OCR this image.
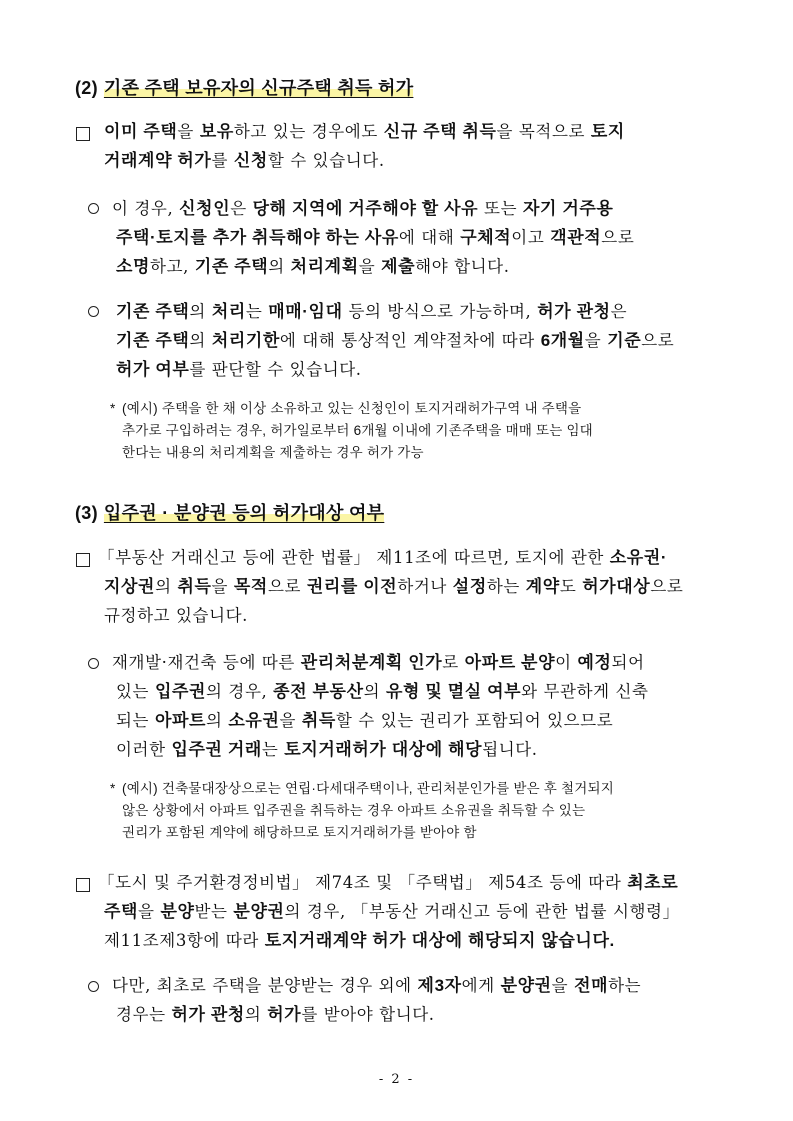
(2) 기존 주택 보유자의 신규주택 취득 허가
이미 주택을 보유하고 있는 경우에도 신규 주택 취득을 목적으로 토지
거래계약 허가를 신청할 수 있습니다.
이 경우, 신청인은 당해 지역에 거주해야 할 사유 또는 자기 거주용
주택·토지를 추가 취득해야 하는 사유에 대해 구체적이고 객관적으로
소명하고, 기존 주택의 처리계획을 제출해야 합니다.
기존 주택의 처리는 매매·임대 등의 방식으로 가능하며, 허가 관청은
기존 주택의 처리기한에 대해 통상적인 계약절차에 따라 6개월을 기준으로
허가 여부를 판단할 수 있습니다.
* (예시) 주택을 한 채 이상 소유하고 있는 신청인이 토지거래허가구역 내 주택을
추가로 구입하려는 경우, 허가일로부터 6개월 이내에 기존주택을 매매 또는 임대
한다는 내용의 처리계획을 제출하는 경우 허가 가능
(3) 입주권 · 분양권 등의 허가대상 여부
「부동산 거래신고 등에 관한 법률」 제11조에 따르면, 토지에 관한 소유권·
지상권의 취득을 목적으로 권리를 이전하거나 설정하는 계약도 허가대상으로
규정하고 있습니다.
재개발·재건축 등에 따른 관리처분계획 인가로 아파트 분양이 예정되어
있는 입주권의 경우, 종전 부동산의 유형 및 멸실 여부와 무관하게 신축
되는 아파트의 소유권을 취득할 수 있는 권리가 포함되어 있으므로
이러한 입주권 거래는 토지거래허가 대상에 해당됩니다.
* (예시) 건축물대장상으로는 연립·다세대주택이나, 관리처분인가를 받은 후 철거되지
않은 상황에서 아파트 입주권을 취득하는 경우 아파트 소유권을 취득할 수 있는
권리가 포함된 계약에 해당하므로 토지거래허가를 받아야 함
「도시 및 주거환경정비법」 제74조 및 「주택법」 제54조 등에 따라 최초로
주택을 분양받는 분양권의 경우, 「부동산 거래신고 등에 관한 법률 시행령」
제11조제3항에 따라 토지거래계약 허가 대상에 해당되지 않습니다.
다만, 최초로 주택을 분양받는 경우 외에 제3자에게 분양권을 전매하는
경우는 허가 관청의 허가를 받아야 합니다.
- 2 -
